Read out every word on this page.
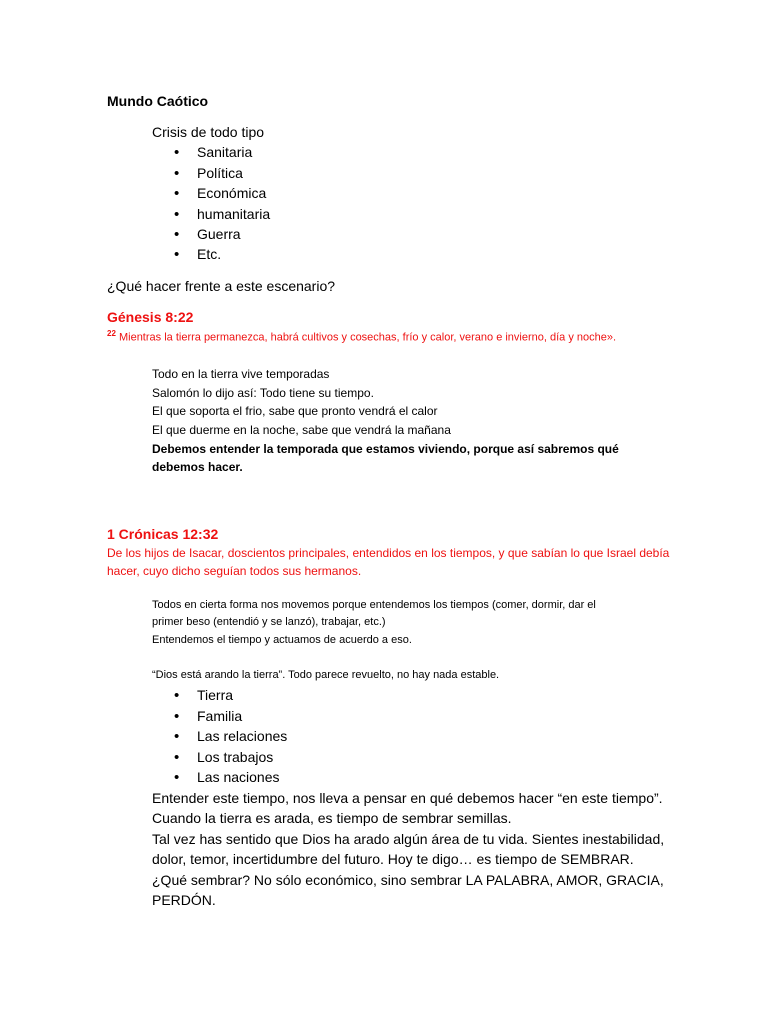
Mundo Caótico
Crisis de todo tipo
• Sanitaria
• Política
• Económica
• humanitaria
• Guerra
• Etc.
¿Qué hacer frente a este escenario?
Génesis 8:22
$^{22}$ Mientras la tierra permanezca, habrá cultivos y cosechas, frío y calor, verano e invierno, día y noche».
Todo en la tierra vive temporadas
Salomón lo dijo así: Todo tiene su tiempo.
El que soporta el frio, sabe que pronto vendrá el calor
El que duerme en la noche, sabe que vendrá la mañana
Debemos entender la temporada que estamos viviendo, porque así sabremos qué
debemos hacer.
1 Crónicas 12:32
De los hijos de Isacar, doscientos principales, entendidos en los tiempos, y que sabían lo que Israel debía
hacer, cuyo dicho seguían todos sus hermanos.
Todos en cierta forma nos movemos porque entendemos los tiempos (comer, dormir, dar el
primer beso (entendió y se lanzó), trabajar, etc.)
Entendemos el tiempo y actuamos de acuerdo a eso.
“Dios está arando la tierra”. Todo parece revuelto, no hay nada estable.
• Tierra
• Familia
• Las relaciones
• Los trabajos
• Las naciones
Entender este tiempo, nos lleva a pensar en qué debemos hacer “en este tiempo”.
Cuando la tierra es arada, es tiempo de sembrar semillas.
Tal vez has sentido que Dios ha arado algún área de tu vida. Sientes inestabilidad,
dolor, temor, incertidumbre del futuro. Hoy te digo… es tiempo de SEMBRAR.
¿Qué sembrar? No sólo económico, sino sembrar LA PALABRA, AMOR, GRACIA,
PERDÓN.
